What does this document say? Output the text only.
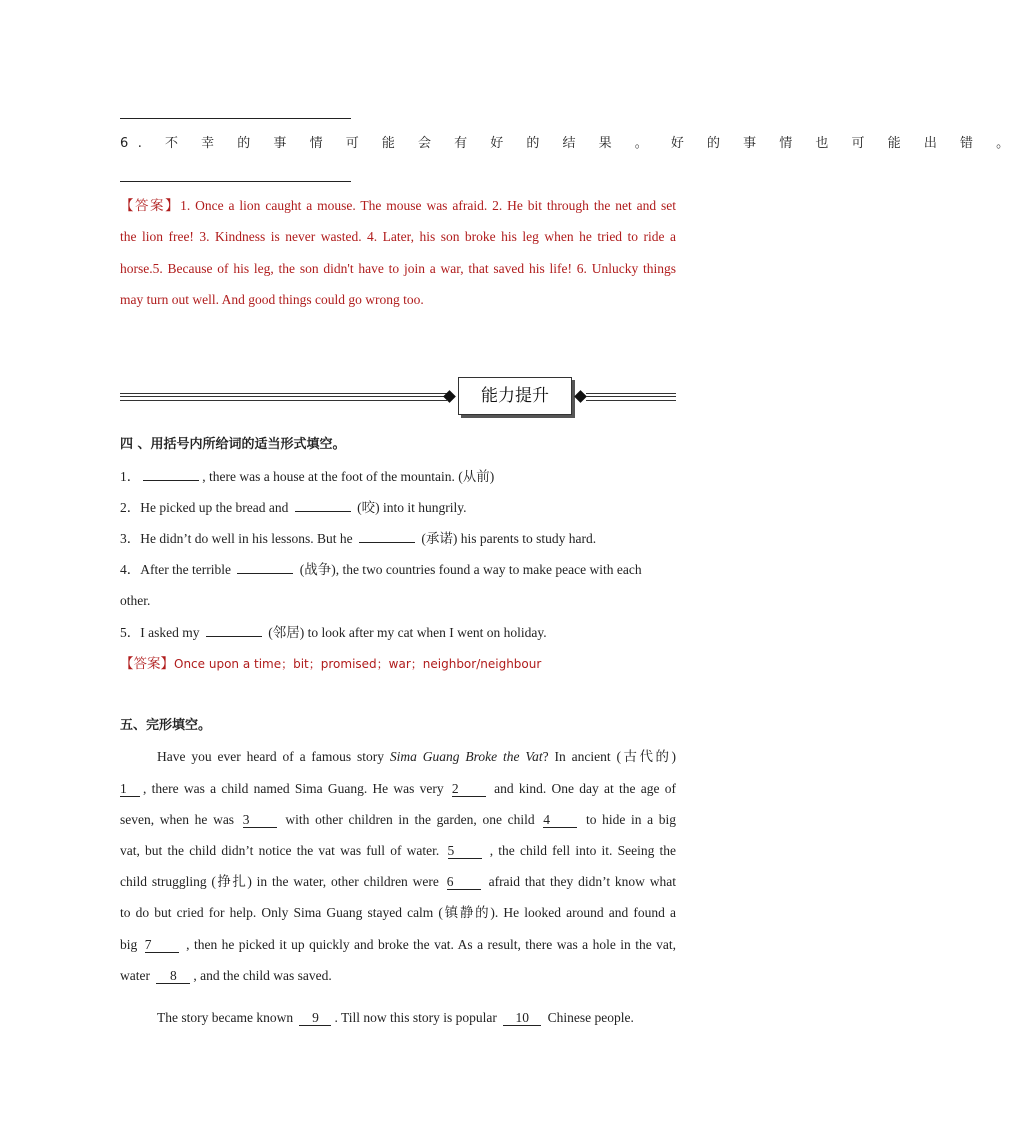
6. 不 幸 的 事 情 可 能 会 有 好 的 结 果 。 好 的 事 情 也 可 能 出 错 。
【答案】1. Once a lion caught a mouse. The mouse was afraid. 2. He bit through the net and set
the lion free! 3. Kindness is never wasted. 4. Later, his son broke his leg when he tried to ride a
horse.5. Because of his leg, the son didn't have to join a war, that saved his life! 6. Unlucky things
may turn out well. And good things could go wrong too.
能力提升
四 、用括号内所给词的适当形式填空。
1．	, there was a house at the foot of the mountain. (从前)
2．He picked up the bread and	(咬) into it hungrily.
3．He didn’t do well in his lessons. But he	(承诺) his parents to study hard.
4．After the terrible	(战争), the two countries found a way to make peace with each
other.
5．I asked my	(邻居) to look after my cat when I went on holiday.
【答案】Once upon a time；bit；promised；war；neighbor/neighbour
五、完形填空。
Have you ever heard of a famous story Sima Guang Broke the Vat? In ancient (古代的)
1 , there was a child named Sima Guang. He was very 2	and kind. One day at the age of
seven, when he was 3	with other children in the garden, one child 4	to hide in a big
vat, but the child didn’t notice the vat was full of water. 5	, the child fell into it. Seeing the
child struggling (挣扎) in the water, other children were 6	afraid that they didn’t know what
to do but cried for help. Only Sima Guang stayed calm (镇静的). He looked around and found a
big 7	, then he picked it up quickly and broke the vat. As a result, there was a hole in the vat,
water 8 , and the child was saved.
The story became known 9 . Till now this story is popular 10 Chinese people.
